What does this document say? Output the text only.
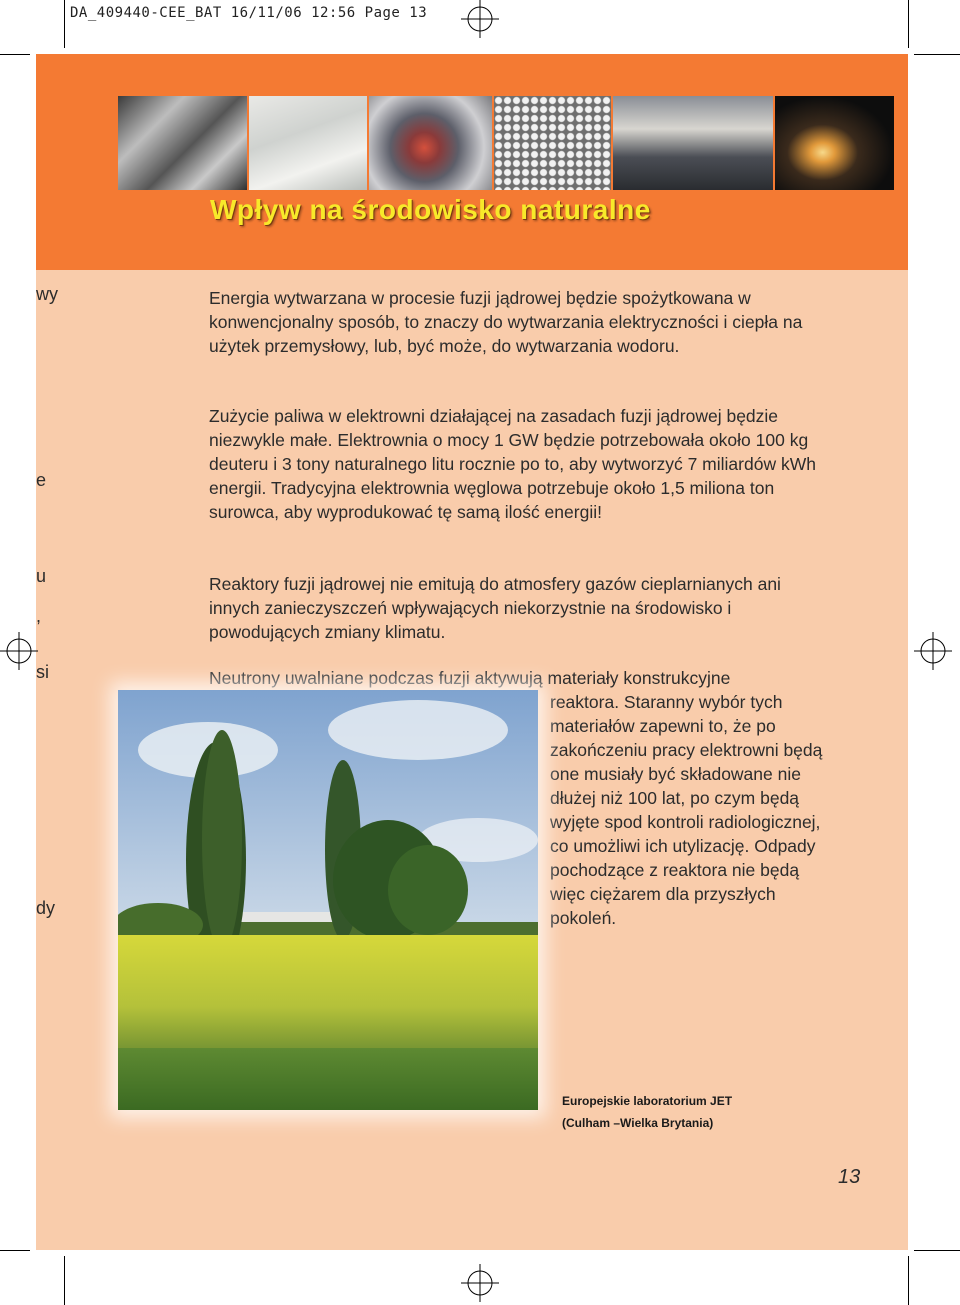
DA_409440-CEE_BAT 16/11/06 12:56 Page 13
Wpływ na środowisko naturalne
wy
e
u
,
si
dy
Energia wytwarzana w procesie fuzji jądrowej będzie spożytkowana w konwencjonalny sposób, to znaczy do wytwarzania elektryczności i ciepła na użytek przemysłowy, lub, być może, do wytwarzania wodoru.
Zużycie paliwa w elektrowni działającej na zasadach fuzji jądrowej będzie niezwykle małe. Elektrownia o mocy 1 GW będzie potrzebowała około 100 kg deuteru i 3 tony naturalnego litu rocznie po to, aby wytworzyć 7 miliardów kWh energii. Tradycyjna elektrownia węglowa potrzebuje około 1,5 miliona ton surowca, aby wyprodukować tę samą ilość energii!
Reaktory fuzji jądrowej nie emitują do atmosfery gazów cieplarnianych ani innych zanieczyszczeń wpływających niekorzystnie na środowisko i powodujących zmiany klimatu.
Neutrony uwalniane podczas fuzji aktywują materiały konstrukcyjne
reaktora. Staranny wybór tych materiałów zapewni to, że po zakończeniu pracy elektrowni będą one musiały być składowane nie dłużej niż 100 lat, po czym będą wyjęte spod kontroli radiologicznej, co umożliwi ich utylizację. Odpady pochodzące z reaktora nie będą więc ciężarem dla przyszłych pokoleń.
Europejskie laboratorium JET
(Culham –Wielka Brytania)
13
